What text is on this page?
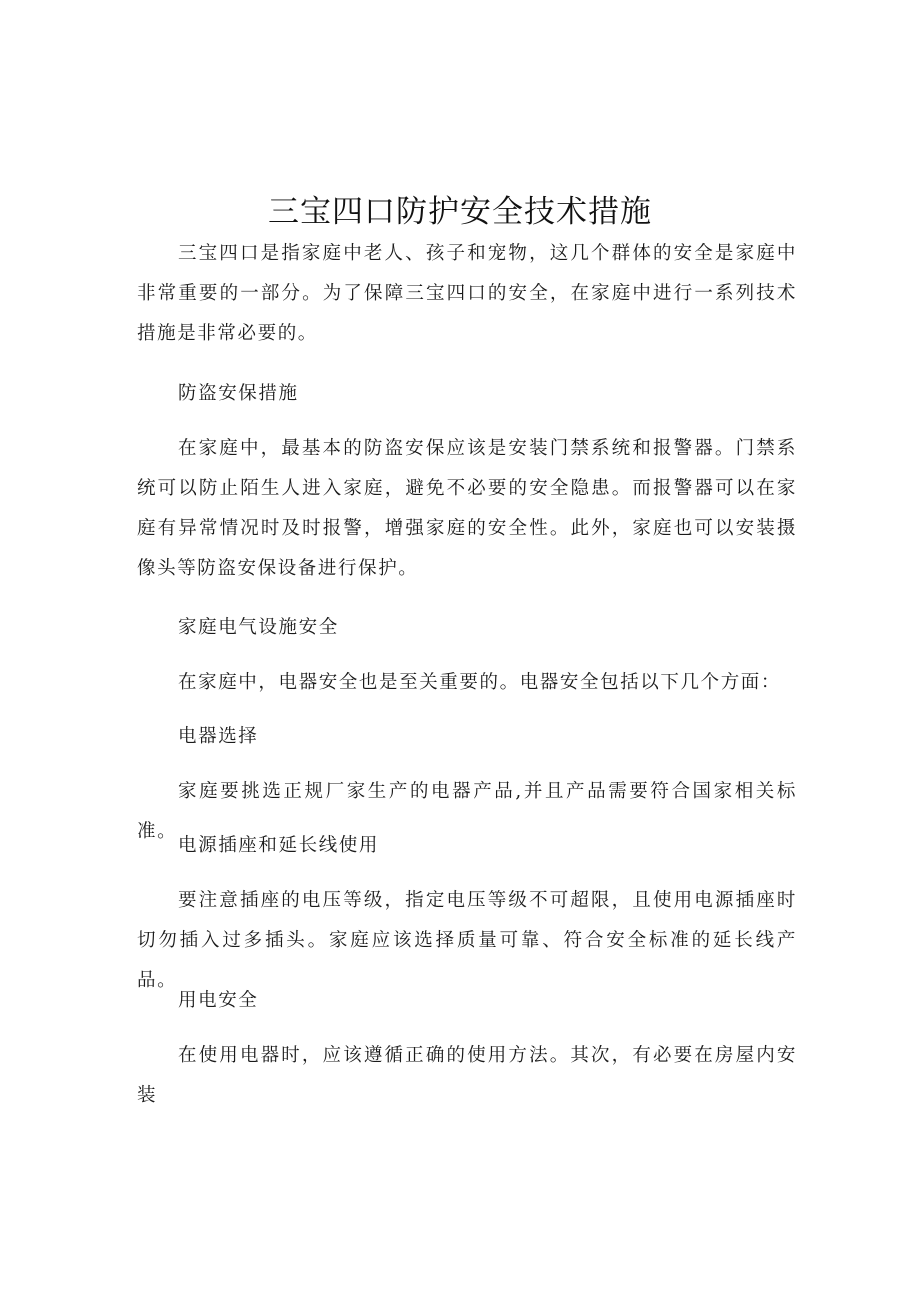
三宝四口防护安全技术措施

三宝四口是指家庭中老人、孩子和宠物，这几个群体的安全是家庭中非常重要的一部分。为了保障三宝四口的安全，在家庭中进行一系列技术措施是非常必要的。

防盗安保措施

在家庭中，最基本的防盗安保应该是安装门禁系统和报警器。门禁系统可以防止陌生人进入家庭，避免不必要的安全隐患。而报警器可以在家庭有异常情况时及时报警，增强家庭的安全性。此外，家庭也可以安装摄像头等防盗安保设备进行保护。

家庭电气设施安全

在家庭中，电器安全也是至关重要的。电器安全包括以下几个方面：

电器选择

家庭要挑选正规厂家生产的电器产品,并且产品需要符合国家相关标准。

电源插座和延长线使用

要注意插座的电压等级，指定电压等级不可超限，且使用电源插座时切勿插入过多插头。家庭应该选择质量可靠、符合安全标准的延长线产品。

用电安全

在使用电器时，应该遵循正确的使用方法。其次，有必要在房屋内安装
